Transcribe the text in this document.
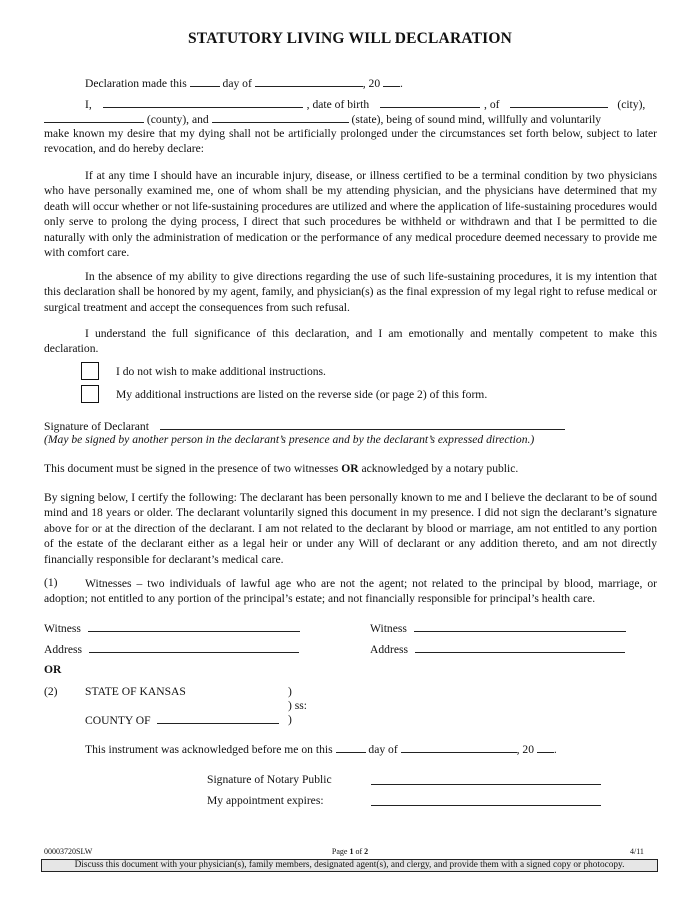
STATUTORY LIVING WILL DECLARATION
Declaration made this	day of	, 20 .
I,	, date of birth	, of	(city),
(county), and	(state), being of sound mind, willfully and voluntarily
make known my desire that my dying shall not be artificially prolonged under the circumstances set forth below, subject to later revocation, and do hereby declare:
If at any time I should have an incurable injury, disease, or illness certified to be a terminal condition by two physicians who have personally examined me, one of whom shall be my attending physician, and the physicians have determined that my death will occur whether or not life-sustaining procedures are utilized and where the application of life-sustaining procedures would only serve to prolong the dying process, I direct that such procedures be withheld or withdrawn and that I be permitted to die naturally with only the administration of medication or the performance of any medical procedure deemed necessary to provide me with comfort care.
In the absence of my ability to give directions regarding the use of such life-sustaining procedures, it is my intention that this declaration shall be honored by my agent, family, and physician(s) as the final expression of my legal right to refuse medical or surgical treatment and accept the consequences from such refusal.
I understand the full significance of this declaration, and I am emotionally and mentally competent to make this declaration.
I do not wish to make additional instructions.
My additional instructions are listed on the reverse side (or page 2) of this form.
Signature of Declarant
(May be signed by another person in the declarant’s presence and by the declarant’s expressed direction.)
This document must be signed in the presence of two witnesses OR acknowledged by a notary public.
By signing below, I certify the following: The declarant has been personally known to me and I believe the declarant to be of sound mind and 18 years or older. The declarant voluntarily signed this document in my presence. I did not sign the declarant’s signature above for or at the direction of the declarant. I am not related to the declarant by blood or marriage, am not entitled to any portion of the estate of the declarant either as a legal heir or under any Will of declarant or any addition thereto, and am not directly financially responsible for declarant’s medical care.
(1)	Witnesses – two individuals of lawful age who are not the agent; not related to the principal by blood, marriage, or adoption; not entitled to any portion of the principal’s estate; and not financially responsible for principal’s health care.
Witness	Witness
Address	Address
OR
(2) STATE OF KANSAS	)
) ss:
COUNTY OF	)
This instrument was acknowledged before me on this	day of	, 20 .
Signature of Notary Public
My appointment expires:
00003720SLW	Page 1 of 2	4/11
Discuss this document with your physician(s), family members, designated agent(s), and clergy, and provide them with a signed copy or photocopy.
